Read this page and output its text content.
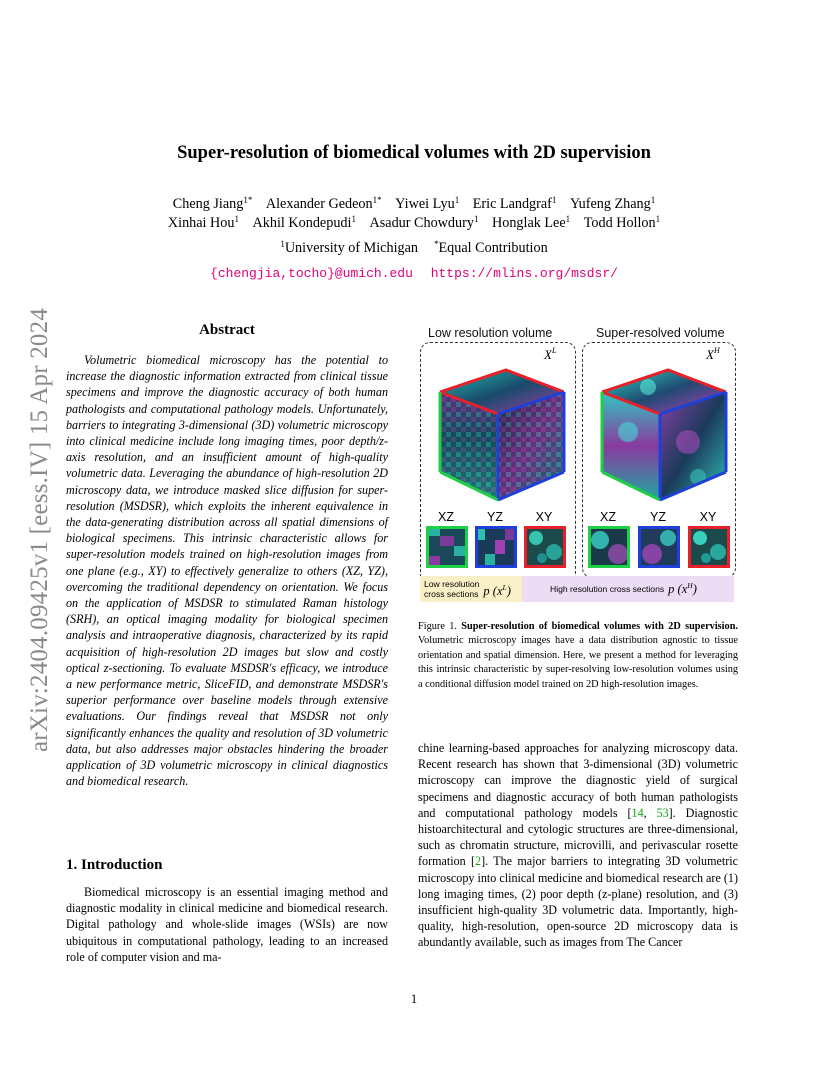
arXiv:2404.09425v1 [eess.IV] 15 Apr 2024
Super-resolution of biomedical volumes with 2D supervision
Cheng Jiang$^{1*}$ Alexander Gedeon$^{1*}$ Yiwei Lyu$^1$ Eric Landgraf$^1$ Yufeng Zhang$^1$
Xinhai Hou$^1$ Akhil Kondepudi$^1$ Asadur Chowdury$^1$ Honglak Lee$^1$ Todd Hollon$^1$
$^1$University of Michigan *Equal Contribution
{chengjia,tocho}@umich.edu https://mlins.org/msdsr/
Abstract
Volumetric biomedical microscopy has the potential to increase the diagnostic information extracted from clinical tissue specimens and improve the diagnostic accuracy of both human pathologists and computational pathology models. Unfortunately, barriers to integrating 3-dimensional (3D) volumetric microscopy into clinical medicine include long imaging times, poor depth/z-axis resolution, and an insufficient amount of high-quality volumetric data. Leveraging the abundance of high-resolution 2D microscopy data, we introduce masked slice diffusion for super-resolution (MSDSR), which exploits the inherent equivalence in the data-generating distribution across all spatial dimensions of biological specimens. This intrinsic characteristic allows for super-resolution models trained on high-resolution images from one plane (e.g., XY) to effectively generalize to others (XZ, YZ), overcoming the traditional dependency on orientation. We focus on the application of MSDSR to stimulated Raman histology (SRH), an optical imaging modality for biological specimen analysis and intraoperative diagnosis, characterized by its rapid acquisition of high-resolution 2D images but slow and costly optical z-sectioning. To evaluate MSDSR's efficacy, we introduce a new performance metric, SliceFID, and demonstrate MSDSR's superior performance over baseline models through extensive evaluations. Our findings reveal that MSDSR not only significantly enhances the quality and resolution of 3D volumetric data, but also addresses major obstacles hindering the broader application of 3D volumetric microscopy in clinical diagnostics and biomedical research.
1. Introduction
Biomedical microscopy is an essential imaging method and diagnostic modality in clinical medicine and biomedical research. Digital pathology and whole-slide images (WSIs) are now ubiquitous in computational pathology, leading to an increased role of computer vision and ma-
Low resolution volume	Super-resolved volume
$X^L$	$X^H$
XZ	YZ	XY	XZ	YZ	XY
Low resolution
cross sections p $(x^L)$	High resolution cross sections p $(x^H)$
Figure 1. Super-resolution of biomedical volumes with 2D supervision. Volumetric microscopy images have a data distribution agnostic to tissue orientation and spatial dimension. Here, we present a method for leveraging this intrinsic characteristic by super-resolving low-resolution volumes using a conditional diffusion model trained on 2D high-resolution images.
chine learning-based approaches for analyzing microscopy data. Recent research has shown that 3-dimensional (3D) volumetric microscopy can improve the diagnostic yield of surgical specimens and diagnostic accuracy of both human pathologists and computational pathology models [14, 53]. Diagnostic histoarchitectural and cytologic structures are three-dimensional, such as chromatin structure, microvilli, and perivascular rosette formation [2]. The major barriers to integrating 3D volumetric microscopy into clinical medicine and biomedical research are (1) long imaging times, (2) poor depth (z-plane) resolution, and (3) insufficient high-quality 3D volumetric data. Importantly, high-quality, high-resolution, open-source 2D microscopy data is abundantly available, such as images from The Cancer
1
